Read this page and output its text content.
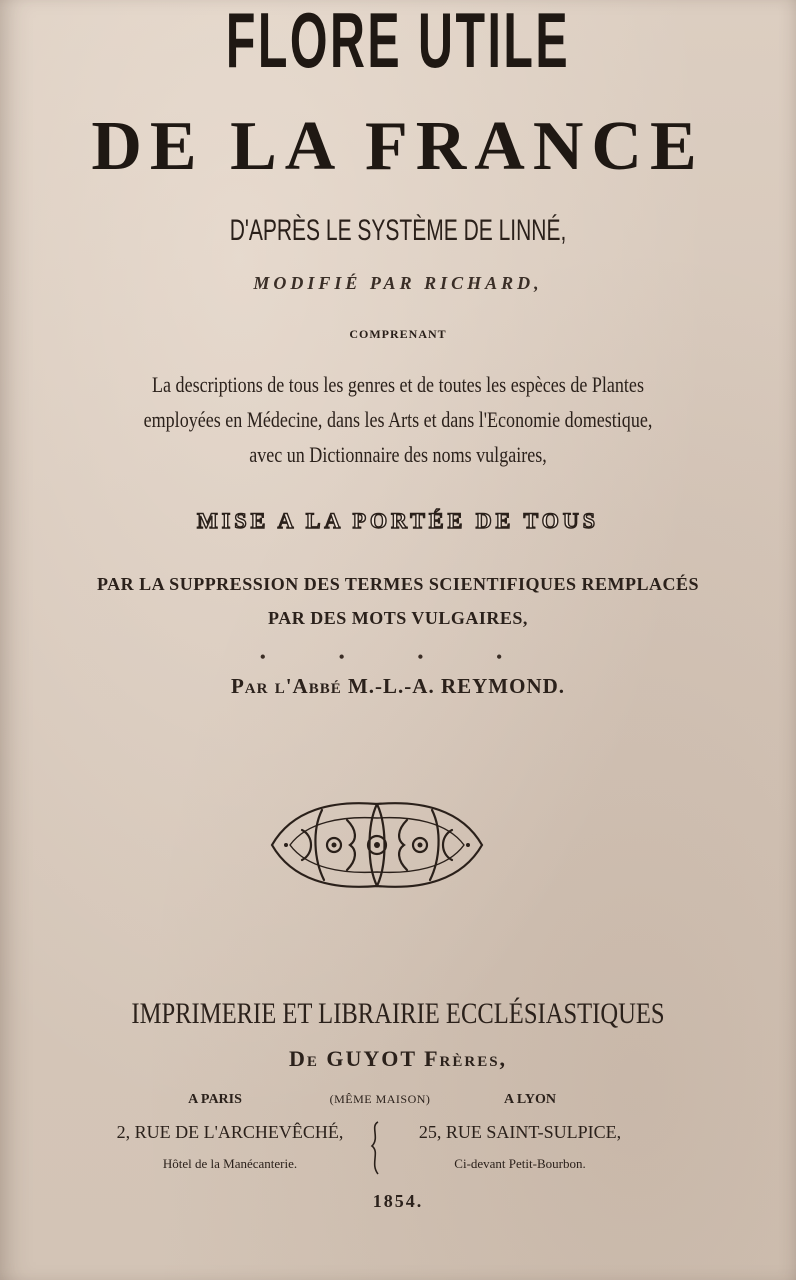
FLORE UTILE
DE LA FRANCE
D'APRÈS LE SYSTÈME DE LINNÉ,
MODIFIÉ PAR RICHARD,
COMPRENANT
La descriptions de tous les genres et de toutes les espèces de Plantes
employées en Médecine, dans les Arts et dans l'Economie domestique,
avec un Dictionnaire des noms vulgaires,
MISE A LA PORTÉE DE TOUS
PAR LA SUPPRESSION DES TERMES SCIENTIFIQUES REMPLACÉS
PAR DES MOTS VULGAIRES,
• • • •
Par l'Abbé M.-L.-A. REYMOND.
IMPRIMERIE ET LIBRAIRIE ECCLÉSIASTIQUES
De GUYOT Frères,
A PARIS	(MÊME MAISON)	A LYON
2, RUE DE L'ARCHEVÊCHÉ,	25, RUE SAINT-SULPICE,
Hôtel de la Manécanterie.	Ci-devant Petit-Bourbon.
1854.
